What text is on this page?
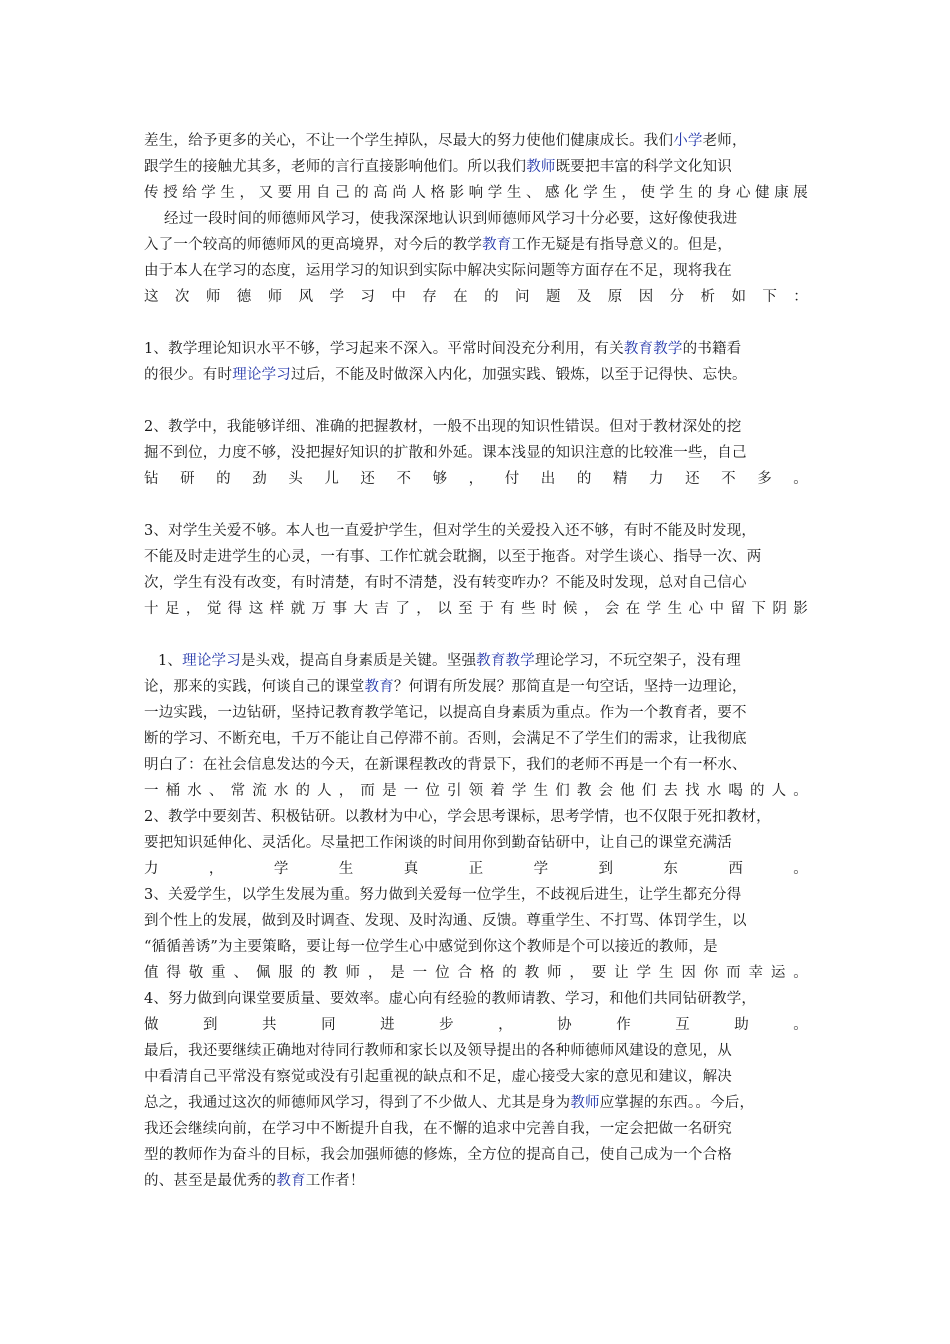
差生，给予更多的关心，不让一个学生掉队，尽最大的努力使他们健康成长。我们小学老师，
跟学生的接触尤其多，老师的言行直接影响他们。所以我们教师既要把丰富的科学文化知识
传授给学生，又要用自己的高尚人格影响学生、感化学生，使学生的身心健康展
经过一段时间的师德师风学习，使我深深地认识到师德师风学习十分必要，这好像使我进
入了一个较高的师德师风的更高境界，对今后的教学教育工作无疑是有指导意义的。但是，
由于本人在学习的态度，运用学习的知识到实际中解决实际问题等方面存在不足，现将我在
这次师德师风学习中存在的问题及原因分析如下：
1、教学理论知识水平不够，学习起来不深入。平常时间没充分利用，有关教育教学的书籍看
的很少。有时理论学习过后，不能及时做深入内化，加强实践、锻炼，以至于记得快、忘快。
2、教学中，我能够详细、准确的把握教材，一般不出现的知识性错误。但对于教材深处的挖
掘不到位，力度不够，没把握好知识的扩散和外延。课本浅显的知识注意的比较准一些，自己
钻研的劲头儿还不够，付出的精力还不多。
3、对学生关爱不够。本人也一直爱护学生，但对学生的关爱投入还不够，有时不能及时发现，
不能及时走进学生的心灵，一有事、工作忙就会耽搁，以至于拖沓。对学生谈心、指导一次、两
次，学生有没有改变，有时清楚，有时不清楚，没有转变咋办？不能及时发现，总对自己信心
十足，觉得这样就万事大吉了，以至于有些时候，会在学生心中留下阴影
1、理论学习是头戏，提高自身素质是关键。坚强教育教学理论学习，不玩空架子，没有理
论，那来的实践，何谈自己的课堂教育？何谓有所发展？那简直是一句空话，坚持一边理论，
一边实践，一边钻研，坚持记教育教学笔记，以提高自身素质为重点。作为一个教育者，要不
断的学习、不断充电，千万不能让自己停滞不前。否则，会满足不了学生们的需求，让我彻底
明白了：在社会信息发达的今天，在新课程教改的背景下，我们的老师不再是一个有一杯水、
一桶水、常流水的人，而是一位引领着学生们教会他们去找水喝的人。
2、教学中要刻苦、积极钻研。以教材为中心，学会思考课标，思考学情，也不仅限于死扣教材，
要把知识延伸化、灵活化。尽量把工作闲谈的时间用你到勤奋钻研中，让自己的课堂充满活
力，学生真正学到东西。
3、关爱学生，以学生发展为重。努力做到关爱每一位学生，不歧视后进生，让学生都充分得
到个性上的发展，做到及时调查、发现、及时沟通、反馈。尊重学生、不打骂、体罚学生，以
“循循善诱”为主要策略，要让每一位学生心中感觉到你这个教师是个可以接近的教师，是
值得敬重、佩服的教师，是一位合格的教师，要让学生因你而幸运。
4、努力做到向课堂要质量、要效率。虚心向有经验的教师请教、学习，和他们共同钻研教学，
做到共同进步，协作互助。
最后，我还要继续正确地对待同行教师和家长以及领导提出的各种师德师风建设的意见，从
中看清自己平常没有察觉或没有引起重视的缺点和不足，虚心接受大家的意见和建议，解决
总之，我通过这次的师德师风学习，得到了不少做人、尤其是身为教师应掌握的东西。。今后，
我还会继续向前，在学习中不断提升自我，在不懈的追求中完善自我，一定会把做一名研究
型的教师作为奋斗的目标，我会加强师德的修炼，全方位的提高自己，使自己成为一个合格
的、甚至是最优秀的教育工作者！
